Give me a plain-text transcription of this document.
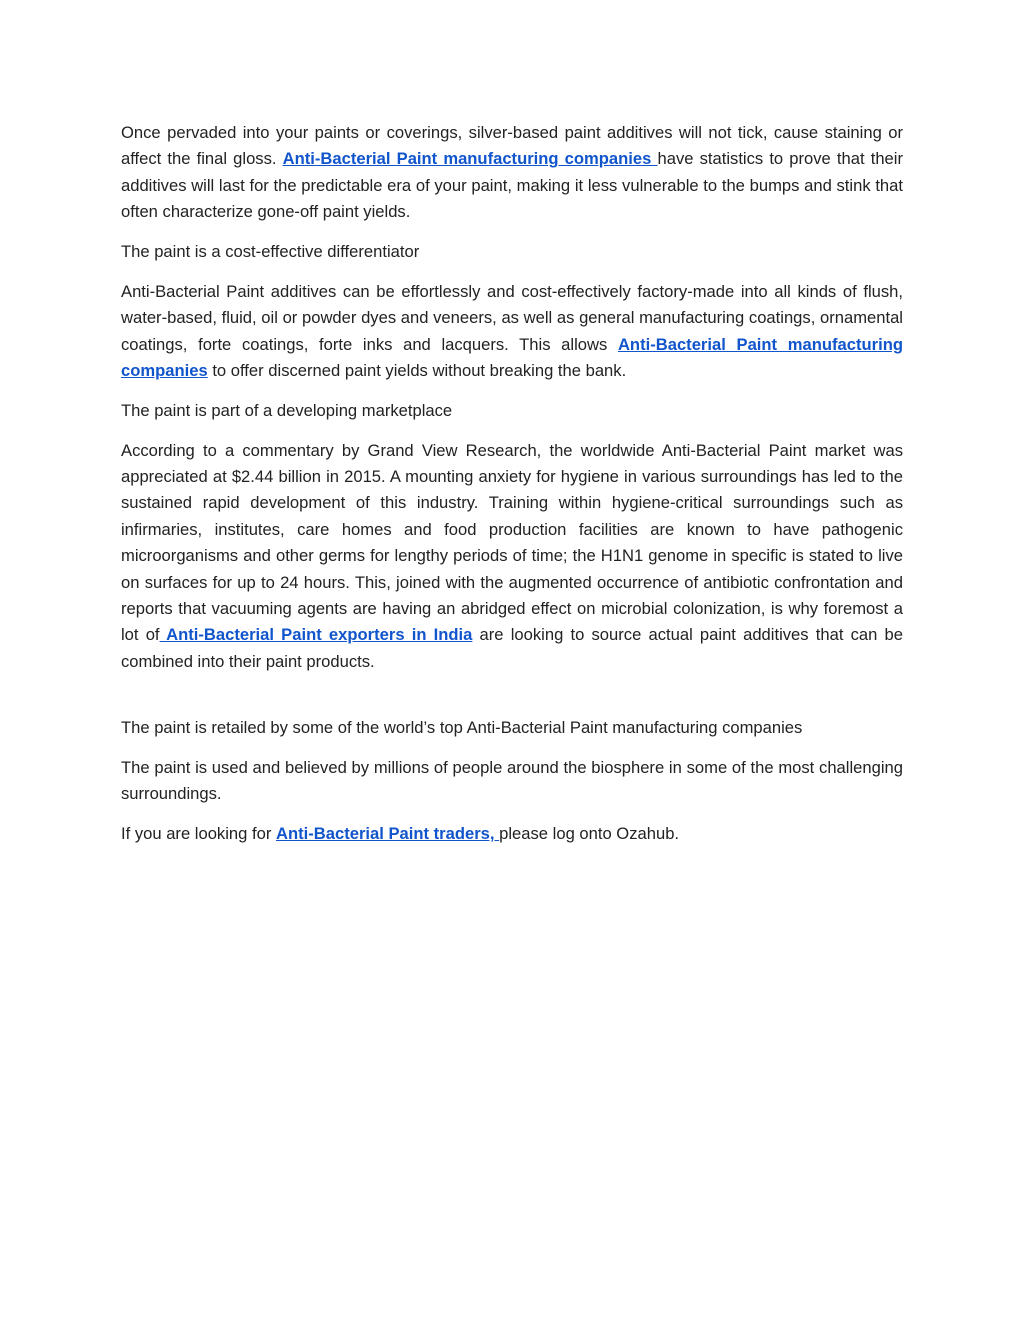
Once pervaded into your paints or coverings, silver-based paint additives will not tick, cause staining or affect the final gloss. Anti-Bacterial Paint manufacturing companies have statistics to prove that their additives will last for the predictable era of your paint, making it less vulnerable to the bumps and stink that often characterize gone-off paint yields.

The paint is a cost-effective differentiator

Anti-Bacterial Paint additives can be effortlessly and cost-effectively factory-made into all kinds of flush, water-based, fluid, oil or powder dyes and veneers, as well as general manufacturing coatings, ornamental coatings, forte coatings, forte inks and lacquers. This allows Anti-Bacterial Paint manufacturing companies to offer discerned paint yields without breaking the bank.

The paint is part of a developing marketplace

According to a commentary by Grand View Research, the worldwide Anti-Bacterial Paint market was appreciated at $2.44 billion in 2015. A mounting anxiety for hygiene in various surroundings has led to the sustained rapid development of this industry. Training within hygiene-critical surroundings such as infirmaries, institutes, care homes and food production facilities are known to have pathogenic microorganisms and other germs for lengthy periods of time; the H1N1 genome in specific is stated to live on surfaces for up to 24 hours. This, joined with the augmented occurrence of antibiotic confrontation and reports that vacuuming agents are having an abridged effect on microbial colonization, is why foremost a lot of Anti-Bacterial Paint exporters in India are looking to source actual paint additives that can be combined into their paint products.

The paint is retailed by some of the world’s top Anti-Bacterial Paint manufacturing companies

The paint is used and believed by millions of people around the biosphere in some of the most challenging surroundings.

If you are looking for Anti-Bacterial Paint traders, please log onto Ozahub.
